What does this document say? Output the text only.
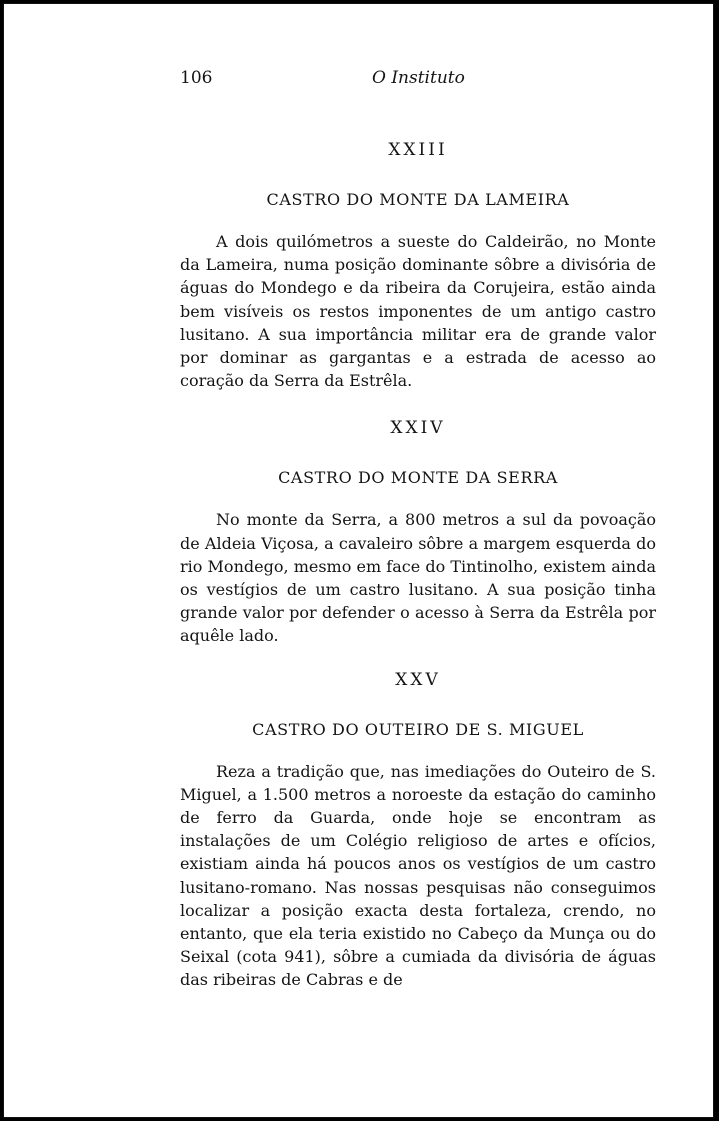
106	O Instituto
XXIII
CASTRO DO MONTE DA LAMEIRA

A dois quilómetros a sueste do Caldeirão, no Monte da Lameira, numa posição dominante sôbre a divisória de águas do Mondego e da ribeira da Corujeira, estão ainda bem visíveis os restos imponentes de um antigo castro lusitano. A sua importância militar era de grande valor por dominar as gargantas e a estrada de acesso ao coração da Serra da Estrêla.

XXIV
CASTRO DO MONTE DA SERRA

No monte da Serra, a 800 metros a sul da povoação de Aldeia Viçosa, a cavaleiro sôbre a margem esquerda do rio Mondego, mesmo em face do Tintinolho, existem ainda os vestígios de um castro lusitano. A sua posição tinha grande valor por defender o acesso à Serra da Estrêla por aquêle lado.

XXV
CASTRO DO OUTEIRO DE S. MIGUEL

Reza a tradição que, nas imediações do Outeiro de S. Miguel, a 1.500 metros a noroeste da estação do caminho de ferro da Guarda, onde hoje se encontram as instalações de um Colégio religioso de artes e ofícios, existiam ainda há poucos anos os vestígios de um castro lusitano-romano. Nas nossas pesquisas não conseguimos localizar a posição exacta desta fortaleza, crendo, no entanto, que ela teria existido no Cabeço da Munça ou do Seixal (cota 941), sôbre a cumiada da divisória de águas das ribeiras de Cabras e de
